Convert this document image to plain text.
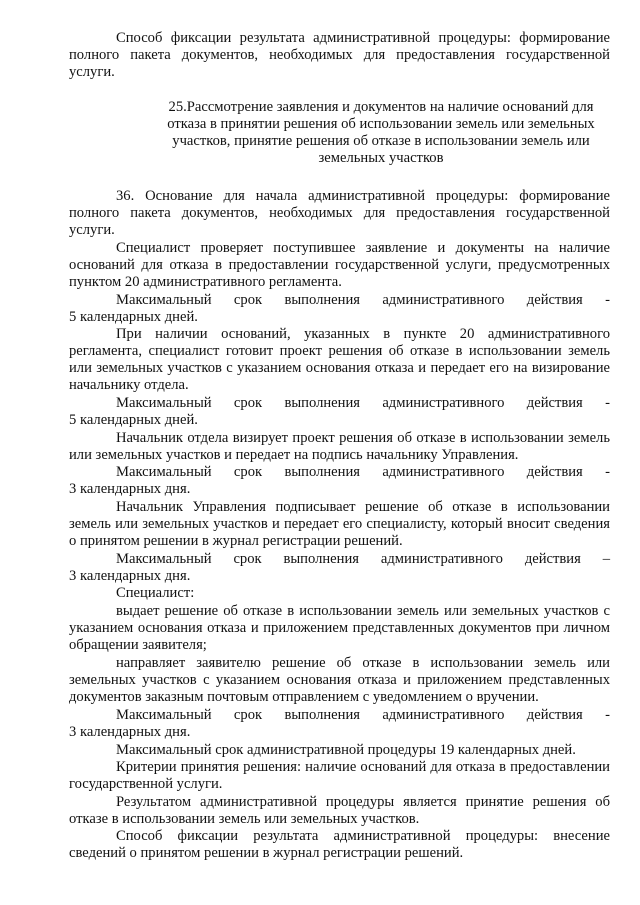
Способ фиксации результата административной процедуры: формирование полного пакета документов, необходимых для предоставления государственной услуги.

25.Рассмотрение заявления и документов на наличие оснований для
отказа в принятии решения об использовании земель или земельных
участков, принятие решения об отказе в использовании земель или
земельных участков

36. Основание для начала административной процедуры: формирование полного пакета документов, необходимых для предоставления государственной услуги.

Специалист проверяет поступившее заявление и документы на наличие оснований для отказа в предоставлении государственной услуги, предусмотренных пунктом 20 административного регламента.

Максимальный срок выполнения административного действия -
5 календарных дней.

При наличии оснований, указанных в пункте 20 административного регламента, специалист готовит проект решения об отказе в использовании земель или земельных участков с указанием основания отказа и передает его на визирование начальнику отдела.

Максимальный срок выполнения административного действия -
5 календарных дней.

Начальник отдела визирует проект решения об отказе в использовании земель или земельных участков и передает на подпись начальнику Управления.

Максимальный срок выполнения административного действия -
3 календарных дня.

Начальник Управления подписывает решение об отказе в использовании земель или земельных участков и передает его специалисту, который вносит сведения о принятом решении в журнал регистрации решений.

Максимальный срок выполнения административного действия –
3 календарных дня.

Специалист:

выдает решение об отказе в использовании земель или земельных участков с указанием основания отказа и приложением представленных документов при личном обращении заявителя;

направляет заявителю решение об отказе в использовании земель или земельных участков с указанием основания отказа и приложением представленных документов заказным почтовым отправлением с уведомлением о вручении.

Максимальный срок выполнения административного действия -
3 календарных дня.

Максимальный срок административной процедуры 19 календарных дней.

Критерии принятия решения: наличие оснований для отказа в предоставлении государственной услуги.

Результатом административной процедуры является принятие решения об отказе в использовании земель или земельных участков.

Способ фиксации результата административной процедуры: внесение сведений о принятом решении в журнал регистрации решений.
